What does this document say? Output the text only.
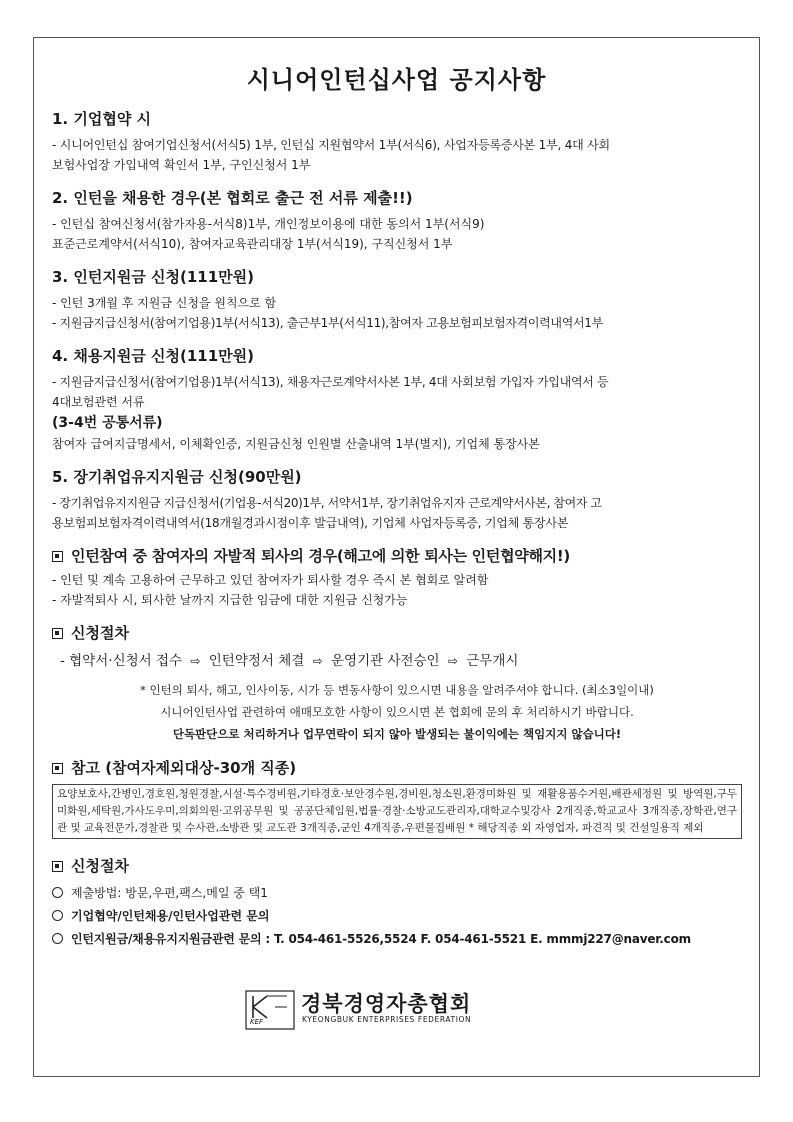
시니어인턴십사업 공지사항

1. 기업협약 시

- 시니어인턴십 참여기업신청서(서식5) 1부, 인턴십 지원협약서 1부(서식6), 사업자등록증사본 1부, 4대 사회

보험사업장 가입내역 확인서 1부, 구인신청서 1부

2. 인턴을 채용한 경우(본 협회로 출근 전 서류 제출!!)

- 인턴십 참여신청서(참가자용-서식8)1부, 개인정보이용에 대한 동의서 1부(서식9)

표준근로계약서(서식10), 참여자교육관리대장 1부(서식19), 구직신청서 1부

3. 인턴지원금 신청(111만원)

- 인턴 3개월 후 지원금 신청을 원칙으로 함

- 지원금지급신청서(참여기업용)1부(서식13), 출근부1부(서식11),참여자 고용보험피보험자격이력내역서1부

4. 채용지원금 신청(111만원)

- 지원금지급신청서(참여기업용)1부(서식13), 채용자근로계약서사본 1부, 4대 사회보험 가입자 가입내역서 등

4대보험관련 서류

(3-4번 공통서류)

참여자 급여지급명세서, 이체확인증, 지원금신청 인원별 산출내역 1부(별지), 기업체 통장사본

5. 장기취업유지지원금 신청(90만원)

- 장기취업유지지원금 지급신청서(기업용-서식20)1부, 서약서1부, 장기취업유지자 근로계약서사본, 참여자 고

용보험피보험자격이력내역서(18개월경과시점이후 발급내역), 기업체 사업자등록증, 기업체 통장사본

인턴참여 중 참여자의 자발적 퇴사의 경우(해고에 의한 퇴사는 인턴협약해지!)

- 인턴 및 계속 고용하여 근무하고 있던 참여자가 퇴사할 경우 즉시 본 협회로 알려함

- 자발적퇴사 시, 퇴사한 날까지 지급한 임금에 대한 지원금 신청가능

신청절차

- 협약서·신청서 접수 ⇨ 인턴약정서 체결 ⇨ 운영기관 사전승인 ⇨ 근무개시

* 인턴의 퇴사, 해고, 인사이동, 시가 등 변동사항이 있으시면 내용을 알려주셔야 합니다. (최소3일이내)

시니어인턴사업 관련하여 애매모호한 사항이 있으시면 본 협회에 문의 후 처리하시기 바랍니다.

단독판단으로 처리하거나 업무연락이 되지 않아 발생되는 불이익에는 책임지지 않습니다!

참고 (참여자제외대상-30개 직종)

요양보호사,간병인,경호원,청원경찰,시설·특수경비원,기타경호·보안경수원,경비원,청소원,환경미화원 및 재활용품수거원,배관세정원 및 방역원,구두미화원,세탁원,가사도우미,의회의원·고위공무원 및 공공단체임원,법률·경찰·소방교도관리자,대학교수및강사 2개직종,학교교사 3개직종,장학관,연구관 및 교육전문가,경찰관 및 수사관,소방관 및 교도관 3개직종,군인 4개직종,우편물집배원 * 해당직종 외 자영업자, 파견직 및 건설일용직 제외

신청절차

제출방법: 방문,우편,팩스,메일 중 택1

기업협약/인턴채용/인턴사업관련 문의

인턴지원금/채용유지지원금관련 문의 : T. 054-461-5526,5524 F. 054-461-5521 E. mmmj227@naver.com

KEF
경북경영자총협회
KYEONGBUK ENTERPRISES FEDERATION
